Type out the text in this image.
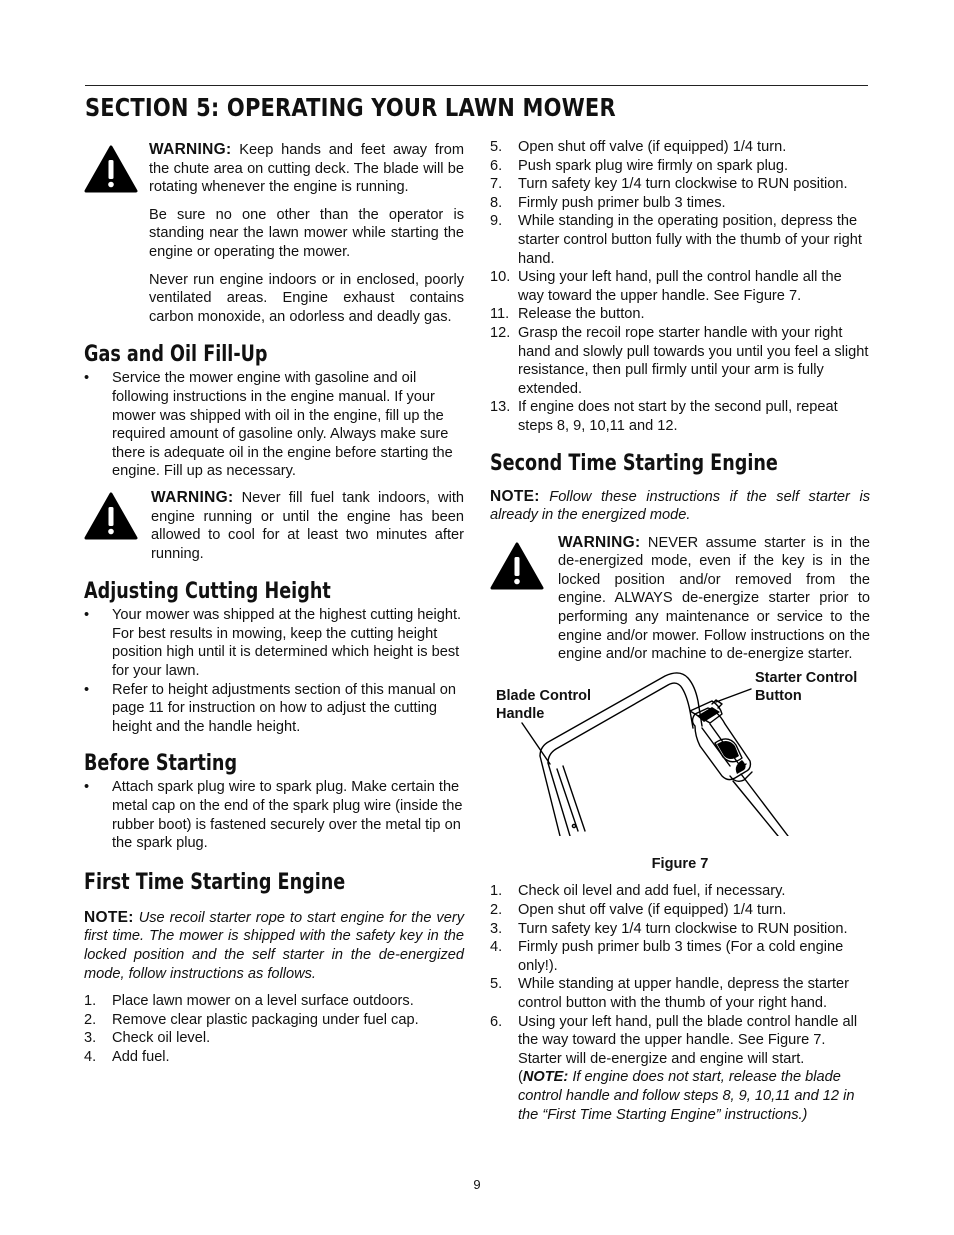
SECTION 5: OPERATING YOUR LAWN MOWER

WARNING: Keep hands and feet away from the chute area on cutting deck. The blade will be rotating whenever the engine is running.

Be sure no one other than the operator is standing near the lawn mower while starting the engine or operating the mower.

Never run engine indoors or in enclosed, poorly ventilated areas. Engine exhaust contains carbon monoxide, an odorless and deadly gas.

Gas and Oil Fill-Up
• Service the mower engine with gasoline and oil following instructions in the engine manual. If your mower was shipped with oil in the engine, fill up the required amount of gasoline only. Always make sure there is adequate oil in the engine before starting the engine. Fill up as necessary.

WARNING: Never fill fuel tank indoors, with engine running or until the engine has been allowed to cool for at least two minutes after running.

Adjusting Cutting Height
• Your mower was shipped at the highest cutting height. For best results in mowing, keep the cutting height position high until it is determined which height is best for your lawn.
• Refer to height adjustments section of this manual on page 11 for instruction on how to adjust the cutting height and the handle height.
Before Starting
• Attach spark plug wire to spark plug. Make certain the metal cap on the end of the spark plug wire (inside the rubber boot) is fastened securely over the metal tip on the spark plug.
First Time Starting Engine

NOTE: Use recoil starter rope to start engine for the very first time. The mower is shipped with the safety key in the locked position and the self starter in the de-energized mode, follow instructions as follows.

1. Place lawn mower on a level surface outdoors.
2. Remove clear plastic packaging under fuel cap.
3. Check oil level.
4. Add fuel.
5. Open shut off valve (if equipped) 1/4 turn.
6. Push spark plug wire firmly on spark plug.
7. Turn safety key 1/4 turn clockwise to RUN position.
8. Firmly push primer bulb 3 times.
9. While standing in the operating position, depress the starter control button fully with the thumb of your right hand.
10. Using your left hand, pull the control handle all the way toward the upper handle. See Figure 7.
11. Release the button.
12. Grasp the recoil rope starter handle with your right hand and slowly pull towards you until you feel a slight resistance, then pull firmly until your arm is fully extended.
13. If engine does not start by the second pull, repeat steps 8, 9, 10,11 and 12.
Second Time Starting Engine

NOTE: Follow these instructions if the self starter is already in the energized mode.

WARNING: NEVER assume starter is in the de-energized mode, even if the key is in the locked position and/or removed from the engine. ALWAYS de-energize starter prior to performing any maintenance or service to the engine and/or mower. Follow instructions on the engine and/or machine to de-energize starter.

Blade Control Handle
Starter Control Button

Figure 7

1. Check oil level and add fuel, if necessary.
2. Open shut off valve (if equipped) 1/4 turn.
3. Turn safety key 1/4 turn clockwise to RUN position.
4. Firmly push primer bulb 3 times (For a cold engine only!).
5. While standing at upper handle, depress the starter control button with the thumb of your right hand.
6. Using your left hand, pull the blade control handle all the way toward the upper handle. See Figure 7. Starter will de-energize and engine will start.
(NOTE: If engine does not start, release the blade control handle and follow steps 8, 9, 10,11 and 12 in the “First Time Starting Engine” instructions.)
9
